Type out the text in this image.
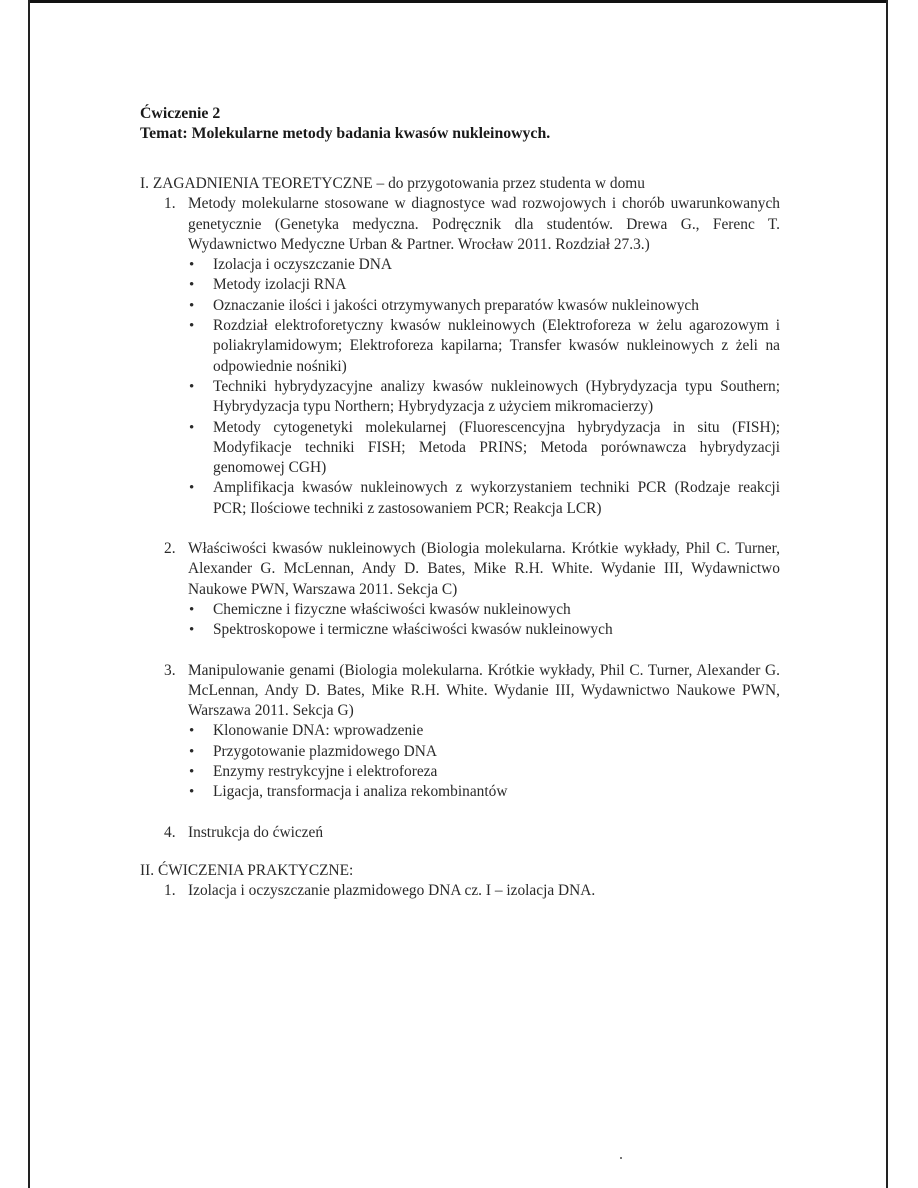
Ćwiczenie 2
Temat: Molekularne metody badania kwasów nukleinowych.
I. ZAGADNIENIA TEORETYCZNE – do przygotowania przez studenta w domu
1. Metody molekularne stosowane w diagnostyce wad rozwojowych i chorób uwarunkowanych genetycznie (Genetyka medyczna. Podręcznik dla studentów. Drewa G., Ferenc T. Wydawnictwo Medyczne Urban & Partner. Wrocław 2011. Rozdział 27.3.)
• Izolacja i oczyszczanie DNA
• Metody izolacji RNA
• Oznaczanie ilości i jakości otrzymywanych preparatów kwasów nukleinowych
• Rozdział elektroforetyczny kwasów nukleinowych (Elektroforeza w żelu agarozowym i poliakrylamidowym; Elektroforeza kapilarna; Transfer kwasów nukleinowych z żeli na odpowiednie nośniki)
• Techniki hybrydyzacyjne analizy kwasów nukleinowych (Hybrydyzacja typu Southern; Hybrydyzacja typu Northern; Hybrydyzacja z użyciem mikromacierzy)
• Metody cytogenetyki molekularnej (Fluorescencyjna hybrydyzacja in situ (FISH); Modyfikacje techniki FISH; Metoda PRINS; Metoda porównawcza hybrydyzacji genomowej CGH)
• Amplifikacja kwasów nukleinowych z wykorzystaniem techniki PCR (Rodzaje reakcji PCR; Ilościowe techniki z zastosowaniem PCR; Reakcja LCR)
2. Właściwości kwasów nukleinowych (Biologia molekularna. Krótkie wykłady, Phil C. Turner, Alexander G. McLennan, Andy D. Bates, Mike R.H. White. Wydanie III, Wydawnictwo Naukowe PWN, Warszawa 2011. Sekcja C)
• Chemiczne i fizyczne właściwości kwasów nukleinowych
• Spektroskopowe i termiczne właściwości kwasów nukleinowych
3. Manipulowanie genami (Biologia molekularna. Krótkie wykłady, Phil C. Turner, Alexander G. McLennan, Andy D. Bates, Mike R.H. White. Wydanie III, Wydawnictwo Naukowe PWN, Warszawa 2011. Sekcja G)
• Klonowanie DNA: wprowadzenie
• Przygotowanie plazmidowego DNA
• Enzymy restrykcyjne i elektroforeza
• Ligacja, transformacja i analiza rekombinantów
4. Instrukcja do ćwiczeń
II. ĆWICZENIA PRAKTYCZNE:
1. Izolacja i oczyszczanie plazmidowego DNA cz. I – izolacja DNA.
